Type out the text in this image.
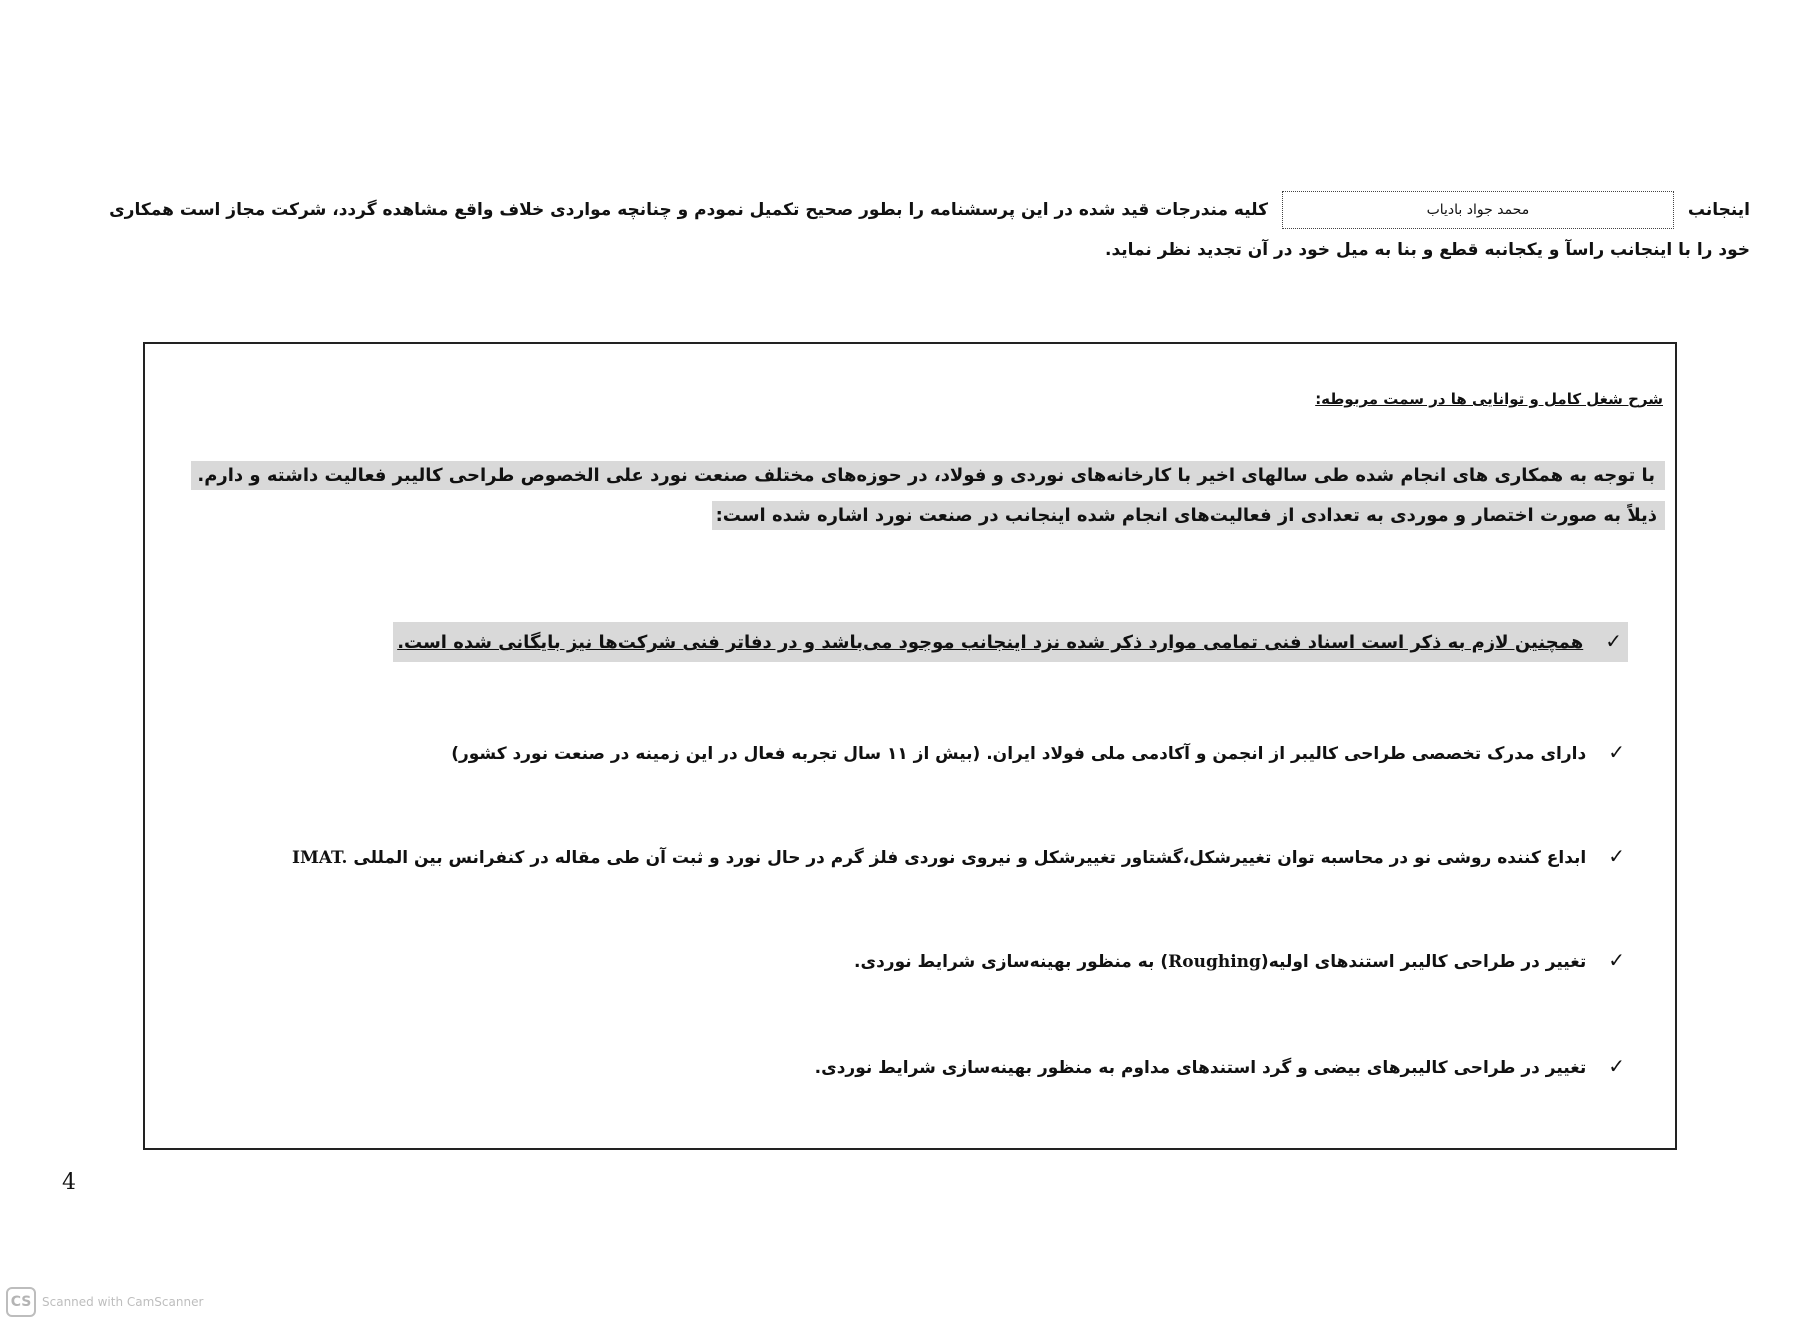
اینجانب محمد جواد بادیاب کلیه مندرجات قید شده در این پرسشنامه را بطور صحیح تکمیل نمودم و چنانچه مواردی خلاف واقع مشاهده گردد، شرکت مجاز است همکاری
خود را با اینجانب راسآ و یکجانبه قطع و بنا به میل خود در آن تجدید نظر نماید.
شرح شغل کامل و توانایی ها در سمت مربوطه:

با توجه به همکاری های انجام شده طی سالهای اخیر با کارخانه‌های نوردی و فولاد، در حوزه‌های مختلف صنعت نورد علی الخصوص طراحی کالیبر فعالیت داشته و دارم.

ذیلاً به صورت اختصار و موردی به تعدادی از فعالیت‌های انجام شده اینجانب در صنعت نورد اشاره شده است:

✓همچنین لازم به ذکر است اسناد فنی تمامی موارد ذکر شده نزد اینجانب موجود می‌باشد و در دفاتر فنی شرکت‌ها نیز بایگانی شده است.
✓دارای مدرک تخصصی طراحی کالیبر از انجمن و آکادمی ملی فولاد ایران. (بیش از ۱۱ سال تجربه فعال در این زمینه در صنعت نورد کشور)
✓ابداع کننده روشی نو در محاسبه توان تغییرشکل،گشتاور تغییرشکل و نیروی نوردی فلز گرم در حال نورد و ثبت آن طی مقاله در کنفرانس بین المللی IMAT.
✓تغییر در طراحی کالیبر استندهای اولیه(Roughing) به منظور بهینه‌سازی شرایط نوردی.
✓تغییر در طراحی کالیبرهای بیضی و گرد استندهای مداوم به منظور بهینه‌سازی شرایط نوردی.
4
CS Scanned with CamScanner
